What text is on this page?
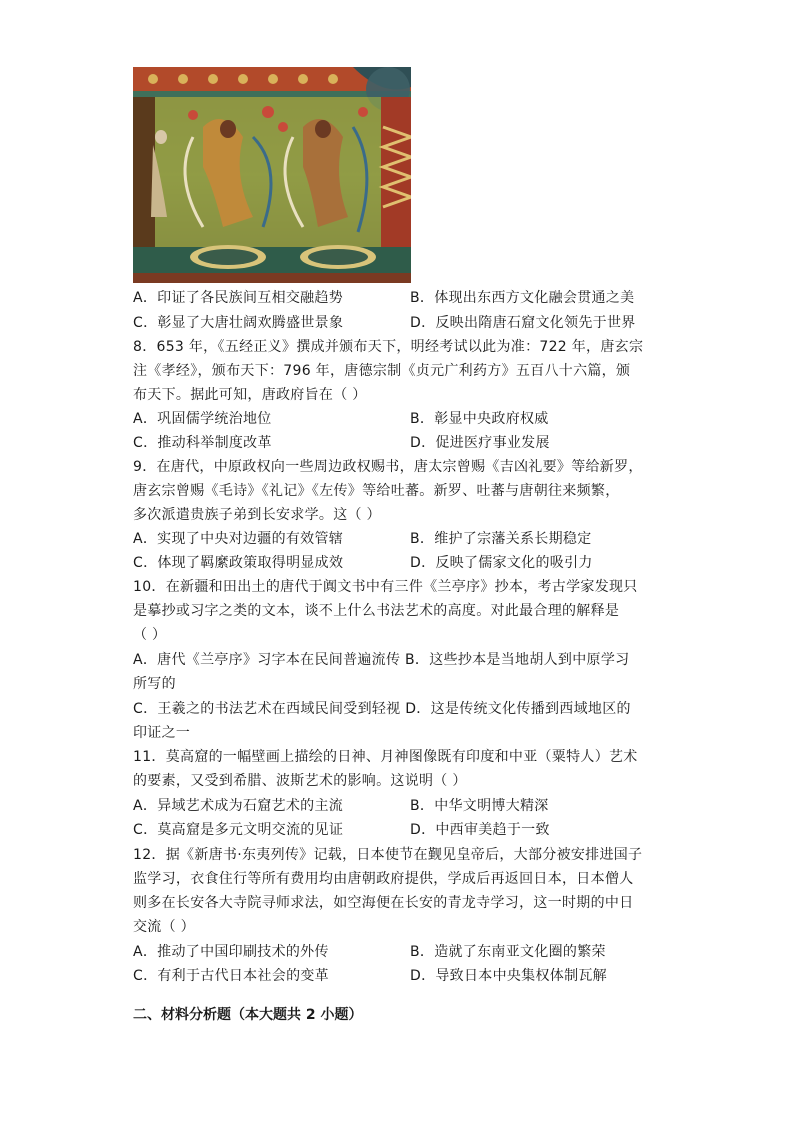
A．印证了各民族间互相交融趋势	B．体现出东西方文化融会贯通之美
C．彰显了大唐壮阔欢腾盛世景象	D．反映出隋唐石窟文化领先于世界
8．653 年，《五经正义》撰成并颁布天下，明经考试以此为准：722 年，唐玄宗
注《孝经》，颁布天下：796 年，唐德宗制《贞元广利药方》五百八十六篇，颁
布天下。据此可知，唐政府旨在（ ）
A．巩固儒学统治地位	B．彰显中央政府权威
C．推动科举制度改革	D．促进医疗事业发展
9．在唐代，中原政权向一些周边政权赐书，唐太宗曾赐《吉凶礼要》等给新罗，
唐玄宗曾赐《毛诗》《礼记》《左传》等给吐蕃。新罗、吐蕃与唐朝往来频繁，
多次派遣贵族子弟到长安求学。这（ ）
A．实现了中央对边疆的有效管辖	B．维护了宗藩关系长期稳定
C．体现了羁縻政策取得明显成效	D．反映了儒家文化的吸引力
10．在新疆和田出土的唐代于阗文书中有三件《兰亭序》抄本，考古学家发现只
是摹抄或习字之类的文本，谈不上什么书法艺术的高度。对此最合理的解释是
（ ）
A．唐代《兰亭序》习字本在民间普遍流传 B．这些抄本是当地胡人到中原学习
所写的
C．王羲之的书法艺术在西域民间受到轻视 D．这是传统文化传播到西域地区的
印证之一
11．莫高窟的一幅壁画上描绘的日神、月神图像既有印度和中亚（粟特人）艺术
的要素，又受到希腊、波斯艺术的影响。这说明（ ）
A．异域艺术成为石窟艺术的主流	B．中华文明博大精深
C．莫高窟是多元文明交流的见证	D．中西审美趋于一致
12．据《新唐书·东夷列传》记载，日本使节在觐见皇帝后，大部分被安排进国子
监学习，衣食住行等所有费用均由唐朝政府提供，学成后再返回日本，日本僧人
则多在长安各大寺院寻师求法，如空海便在长安的青龙寺学习，这一时期的中日
交流（ ）
A．推动了中国印刷技术的外传	B．造就了东南亚文化圈的繁荣
C．有利于古代日本社会的变革	D．导致日本中央集权体制瓦解
二、材料分析题（本大题共 2 小题）
